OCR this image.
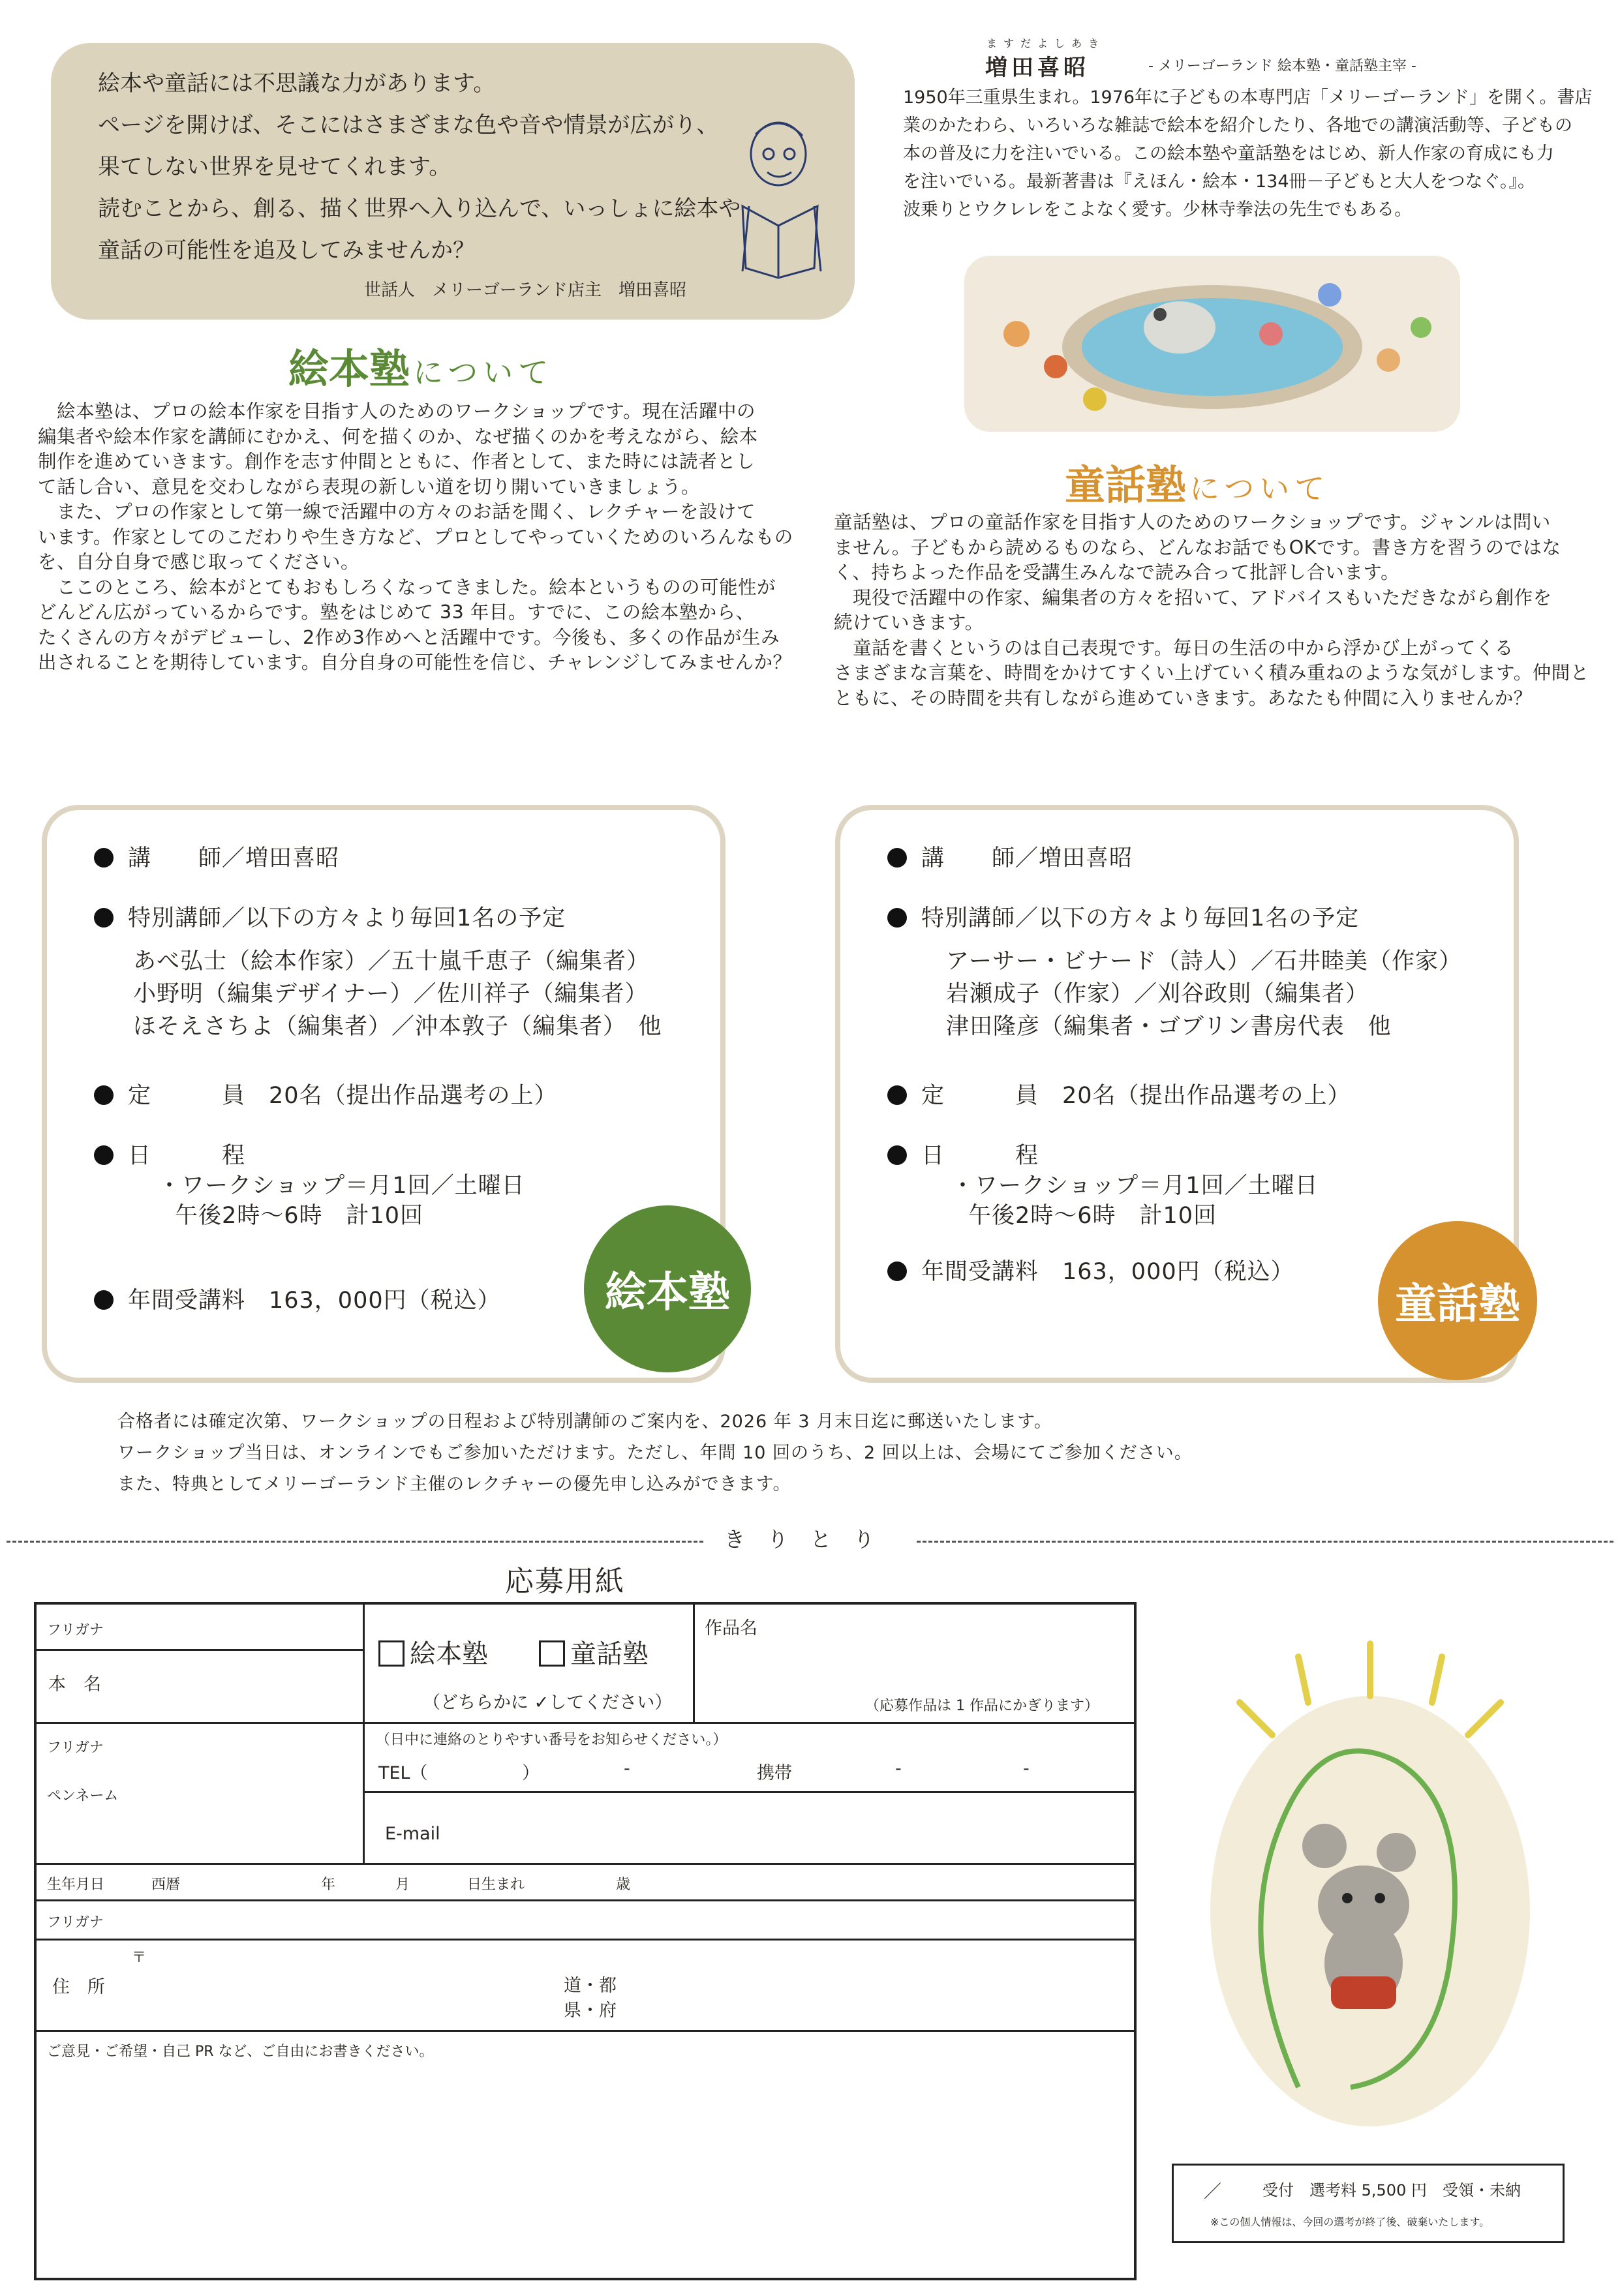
絵本や童話には不思議な力があります。
ページを開けば、そこにはさまざまな色や音や情景が広がり、
果てしない世界を見せてくれます。
読むことから、創る、描く世界へ入り込んで、いっしょに絵本や
童話の可能性を追及してみませんか？
世話人　メリーゴーランド店主　増田喜昭
ますだよしあき
増田喜昭	- メリーゴーランド 絵本塾・童話塾主宰 -
1950年三重県生まれ。1976年に子どもの本専門店「メリーゴーランド」を開く。書店
業のかたわら、いろいろな雑誌で絵本を紹介したり、各地での講演活動等、子どもの
本の普及に力を注いでいる。この絵本塾や童話塾をはじめ、新人作家の育成にも力
を注いでいる。最新著書は『えほん・絵本・134冊－子どもと大人をつなぐ。』。
波乗りとウクレレをこよなく愛す。少林寺拳法の先生でもある。
絵本塾 について
　絵本塾は、プロの絵本作家を目指す人のためのワークショップです。現在活躍中の
編集者や絵本作家を講師にむかえ、何を描くのか、なぜ描くのかを考えながら、絵本
制作を進めていきます。創作を志す仲間とともに、作者として、また時には読者とし
て話し合い、意見を交わしながら表現の新しい道を切り開いていきましょう。
　また、プロの作家として第一線で活躍中の方々のお話を聞く、レクチャーを設けて
います。作家としてのこだわりや生き方など、プロとしてやっていくためのいろんなもの
を、自分自身で感じ取ってください。
　ここのところ、絵本がとてもおもしろくなってきました。絵本というものの可能性が
どんどん広がっているからです。塾をはじめて 33 年目。すでに、この絵本塾から、
たくさんの方々がデビューし、2作め3作めへと活躍中です。今後も、多くの作品が生み
出されることを期待しています。自分自身の可能性を信じ、チャレンジしてみませんか？
童話塾 について
童話塾は、プロの童話作家を目指す人のためのワークショップです。ジャンルは問い
ません。子どもから読めるものなら、どんなお話でもOKです。書き方を習うのではな
く、持ちよった作品を受講生みんなで読み合って批評し合います。
　現役で活躍中の作家、編集者の方々を招いて、アドバイスもいただきながら創作を
続けていきます。
　童話を書くというのは自己表現です。毎日の生活の中から浮かび上がってくる
さまざまな言葉を、時間をかけてすくい上げていく積み重ねのような気がします。仲間と
ともに、その時間を共有しながら進めていきます。あなたも仲間に入りませんか？
講　　師／増田喜昭
特別講師／以下の方々より毎回1名の予定
あべ弘士（絵本作家）／五十嵐千恵子（編集者）
小野明（編集デザイナー）／佐川祥子（編集者）
ほそえさちよ（編集者）／沖本敦子（編集者）　他
定　　　員　20名（提出作品選考の上）
日　　　程
・ワークショップ＝月1回／土曜日
午後2時～6時　計10回
年間受講料　163，000円（税込）	絵本塾
講　　師／増田喜昭
特別講師／以下の方々より毎回1名の予定
アーサー・ビナード（詩人）／石井睦美（作家）
岩瀬成子（作家）／刈谷政則（編集者）
津田隆彦（編集者・ゴブリン書房代表　他
定　　　員　20名（提出作品選考の上）
日　　　程
・ワークショップ＝月1回／土曜日
午後2時～6時　計10回
年間受講料　163，000円（税込）
童話塾
合格者には確定次第、ワークショップの日程および特別講師のご案内を、2026 年 3 月末日迄に郵送いたします。
ワークショップ当日は、オンラインでもご参加いただけます。ただし、年間 10 回のうち、2 回以上は、会場にてご参加ください。
また、特典としてメリーゴーランド主催のレクチャーの優先申し込みができます。
きりとり
応募用紙
フリガナ
本　名
絵本塾	童話塾
（どちらかに ✓してください）
作品名
（応募作品は 1 作品にかぎります）
フリガナ
ペンネーム
（日中に連絡のとりやすい番号をお知らせください。）
TEL（	）	-	携帯	-	-
E-mail
生年月日	西暦	年	月	日生まれ	歳
フリガナ
〒
住　所	道・都
県・府
ご意見・ご希望・自己 PR など、ご自由にお書きください。
／	受付　選考料 5,500 円　受領・未納
※この個人情報は、今回の選考が終了後、破棄いたします。
